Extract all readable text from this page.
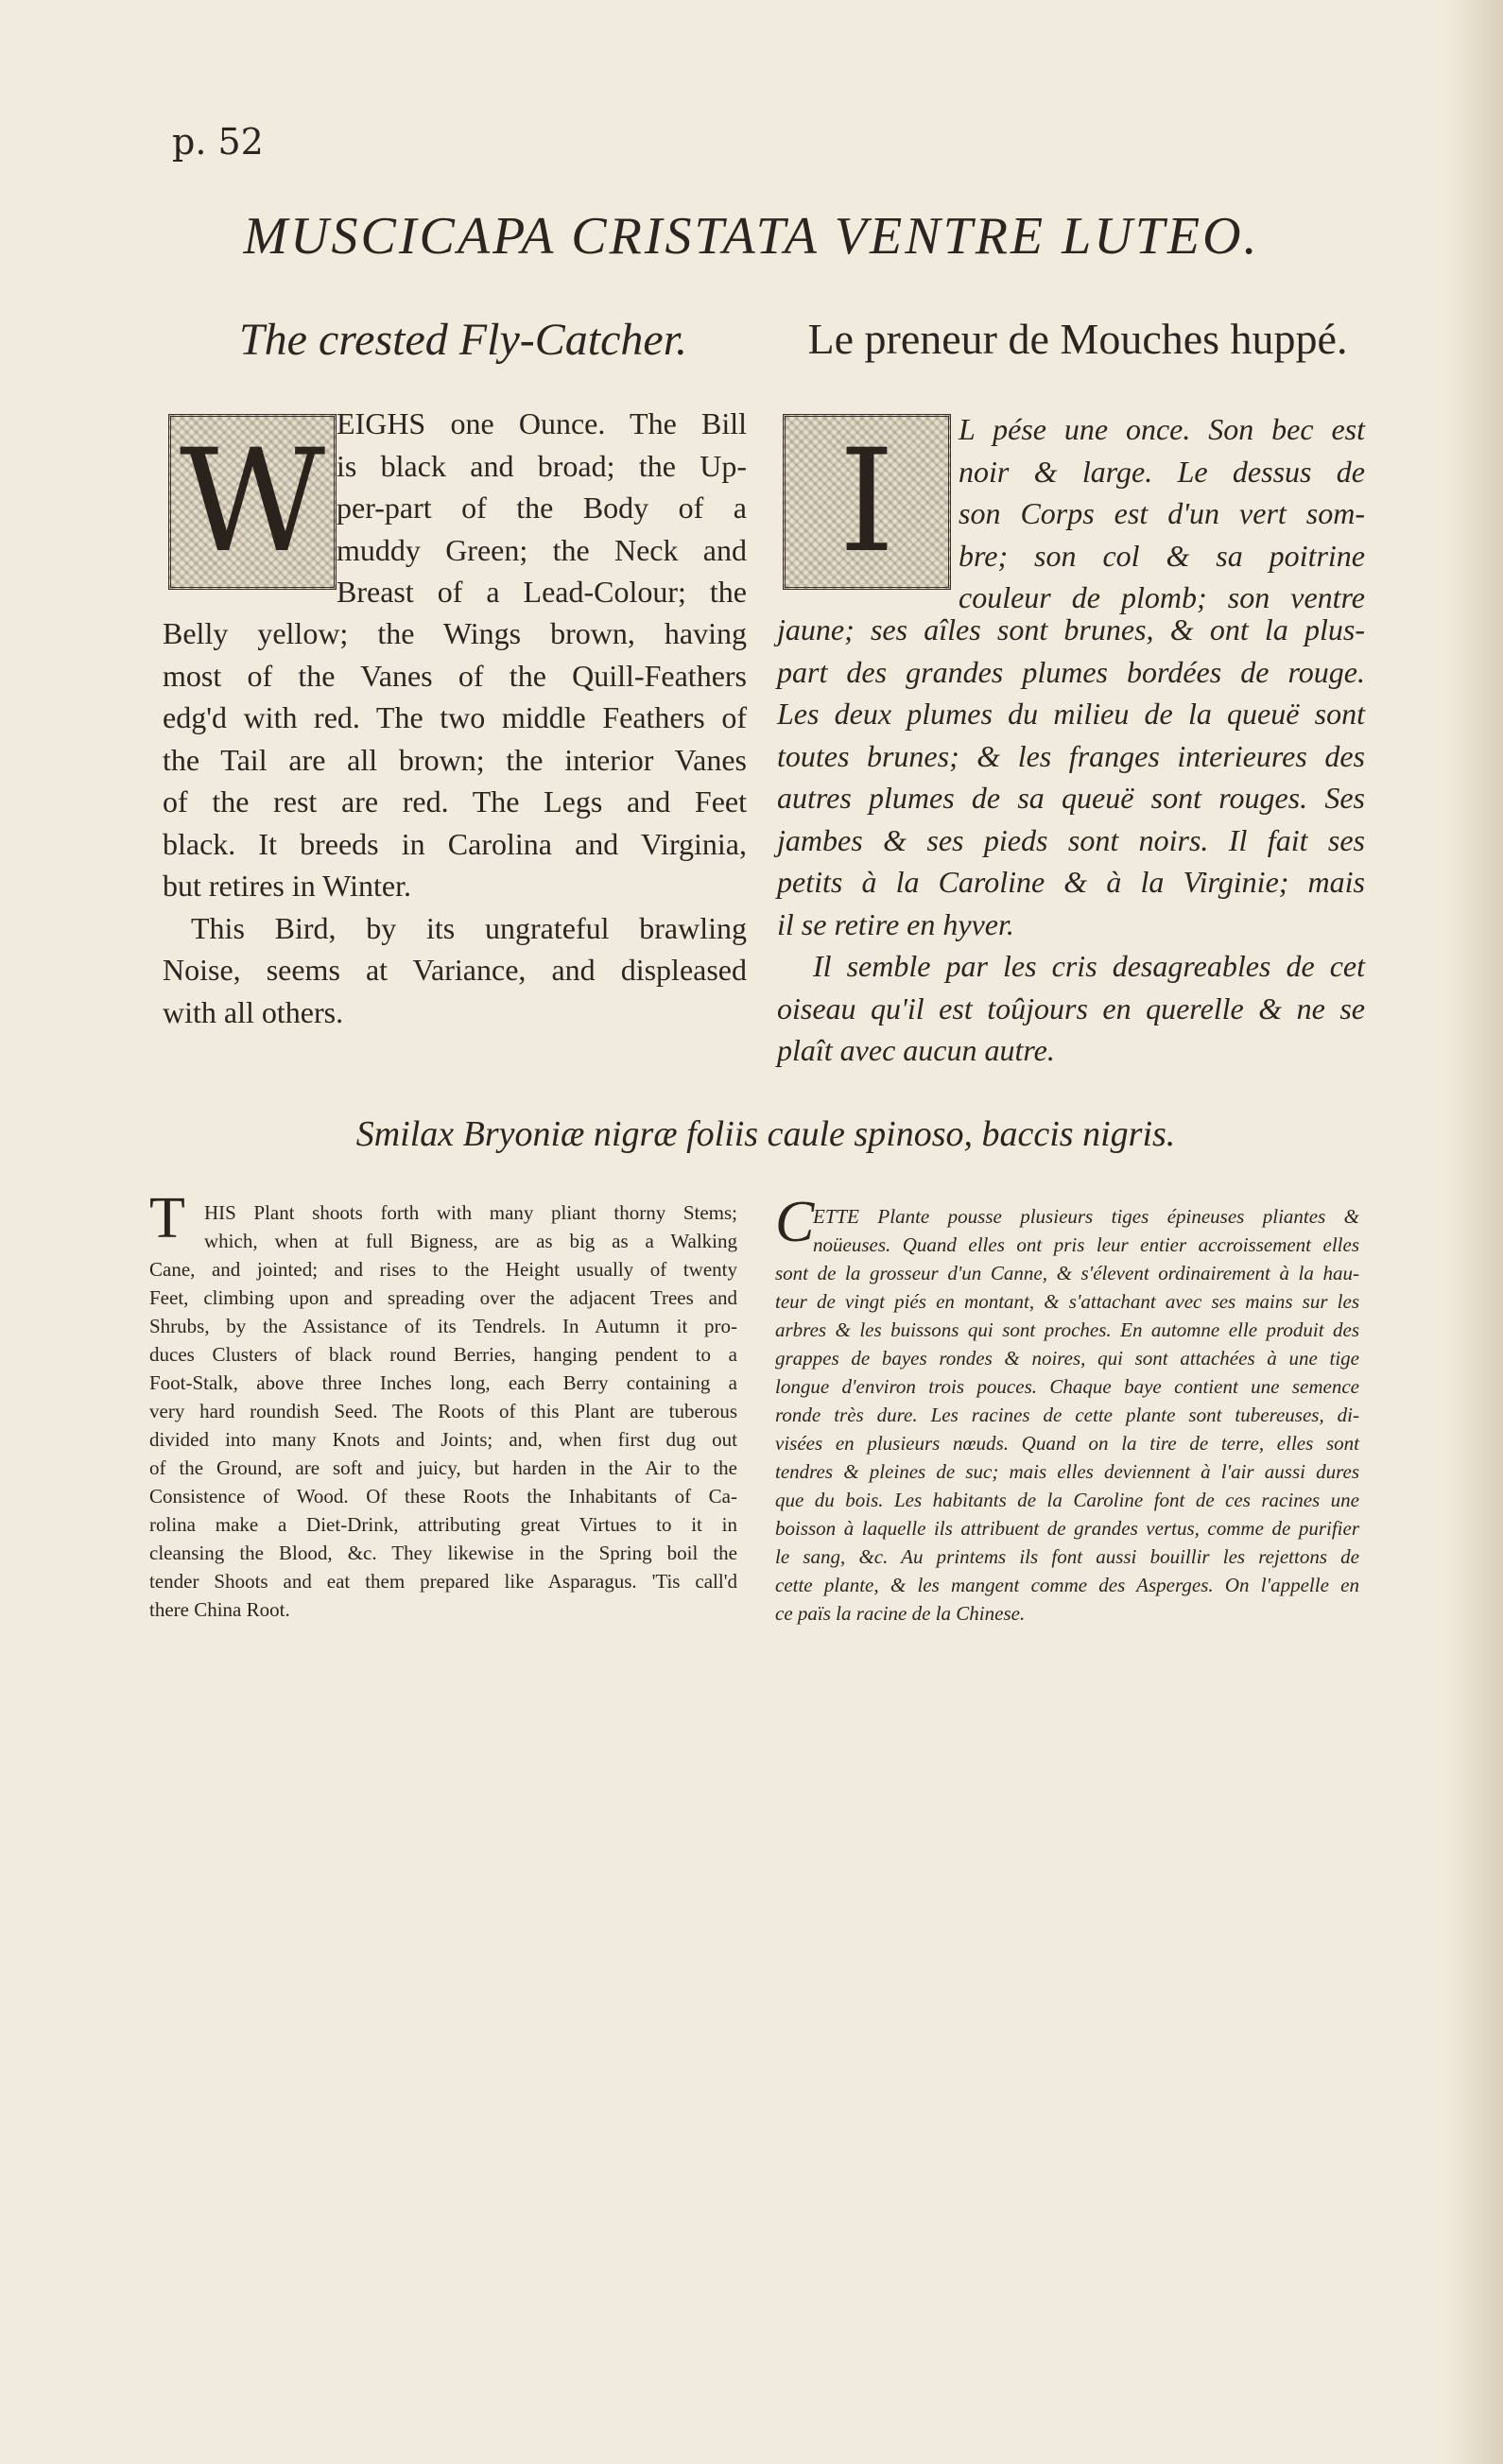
p. 52
MUSCICAPA CRISTATA VENTRE LUTEO.
The crested Fly-Catcher.	Le preneur de Mouches huppé.
W EIGHS one Ounce. The Bill
is black and broad; the Up-
per-part of the Body of a
muddy Green; the Neck and
Breast of a Lead-Colour; the
Belly yellow; the Wings brown, having
most of the Vanes of the Quill-Feathers
edg'd with red. The two middle Feathers of
the Tail are all brown; the interior Vanes
of the rest are red. The Legs and Feet
black. It breeds in Carolina and Virginia,
but retires in Winter.
This Bird, by its ungrateful brawling
Noise, seems at Variance, and displeased
with all others.
I L pése une once. Son bec est
noir & large. Le dessus de
son Corps est d'un vert som-
bre; son col & sa poitrine
couleur de plomb; son ventre
jaune; ses aîles sont brunes, & ont la plus-
part des grandes plumes bordées de rouge.
Les deux plumes du milieu de la queuë sont
toutes brunes; & les franges interieures des
autres plumes de sa queuë sont rouges. Ses
jambes & ses pieds sont noirs. Il fait ses
petits à la Caroline & à la Virginie; mais
il se retire en hyver.
Il semble par les cris desagreables de cet
oiseau qu'il est toûjours en querelle & ne se
plaît avec aucun autre.
Smilax Bryoniæ nigræ foliis caule spinoso, baccis nigris.
T HIS Plant shoots forth with many pliant thorny Stems;
which, when at full Bigness, are as big as a Walking
Cane, and jointed; and rises to the Height usually of twenty
Feet, climbing upon and spreading over the adjacent Trees and
Shrubs, by the Assistance of its Tendrels. In Autumn it pro-
duces Clusters of black round Berries, hanging pendent to a
Foot-Stalk, above three Inches long, each Berry containing a
very hard roundish Seed. The Roots of this Plant are tuberous
divided into many Knots and Joints; and, when first dug out
of the Ground, are soft and juicy, but harden in the Air to the
Consistence of Wood. Of these Roots the Inhabitants of Ca-
rolina make a Diet-Drink, attributing great Virtues to it in
cleansing the Blood, &c. They likewise in the Spring boil the
tender Shoots and eat them prepared like Asparagus. 'Tis call'd
there China Root.
C
ETTE Plante pousse plusieurs tiges épineuses pliantes &
noüeuses. Quand elles ont pris leur entier accroissement elles
sont de la grosseur d'un Canne, & s'élevent ordinairement à la hau-
teur de vingt piés en montant, & s'attachant avec ses mains sur les
arbres & les buissons qui sont proches. En automne elle produit des
grappes de bayes rondes & noires, qui sont attachées à une tige
longue d'environ trois pouces. Chaque baye contient une semence
ronde très dure. Les racines de cette plante sont tubereuses, di-
visées en plusieurs nœuds. Quand on la tire de terre, elles sont
tendres & pleines de suc; mais elles deviennent à l'air aussi dures
que du bois. Les habitants de la Caroline font de ces racines une
boisson à laquelle ils attribuent de grandes vertus, comme de purifier
le sang, &c. Au printems ils font aussi bouillir les rejettons de
cette plante, & les mangent comme des Asperges. On l'appelle en
ce païs la racine de la Chinese.
